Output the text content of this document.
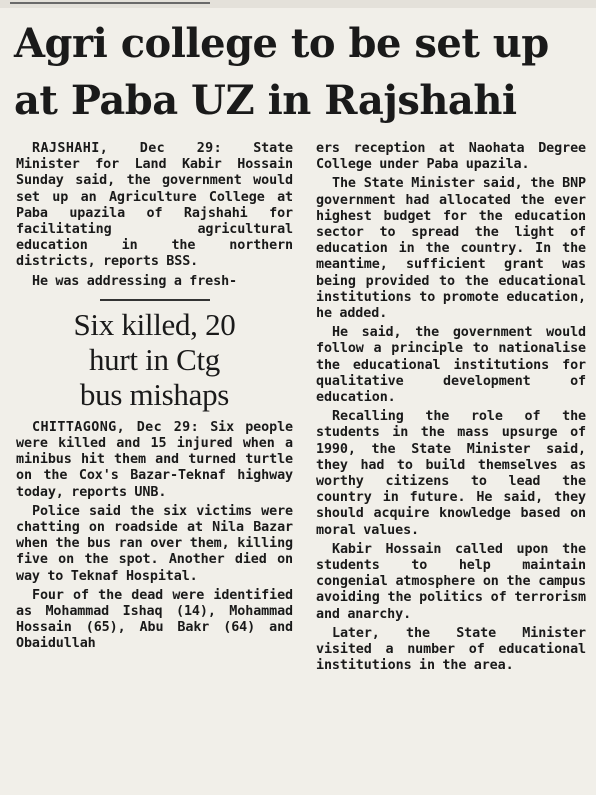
Agri college to be set up
at Paba UZ in Rajshahi

RAJSHAHI, Dec 29: State Minister for Land Kabir Hossain Sunday said, the government would set up an Agriculture College at Paba upazila of Rajshahi for facilitating agricultural education in the northern districts, reports BSS.

He was addressing a fresh-

Six killed, 20
hurt in Ctg
bus mishaps

CHITTAGONG, Dec 29: Six people were killed and 15 injured when a minibus hit them and turned turtle on the Cox's Bazar-Teknaf highway today, reports UNB.

Police said the six victims were chatting on roadside at Nila Bazar when the bus ran over them, killing five on the spot. Another died on way to Teknaf Hospital.

Four of the dead were identified as Mohammad Ishaq (14), Mohammad Hossain (65), Abu Bakr (64) and Obaidullah

ers reception at Naohata Degree College under Paba upazila.

The State Minister said, the BNP government had allocated the ever highest budget for the education sector to spread the light of education in the country. In the meantime, sufficient grant was being provided to the educational institutions to promote education, he added.

He said, the government would follow a principle to nationalise the educational institutions for qualitative development of education.

Recalling the role of the students in the mass upsurge of 1990, the State Minister said, they had to build themselves as worthy citizens to lead the country in future. He said, they should acquire knowledge based on moral values.

Kabir Hossain called upon the students to help maintain congenial atmosphere on the campus avoiding the politics of terrorism and anarchy.

Later, the State Minister visited a number of educational institutions in the area.
